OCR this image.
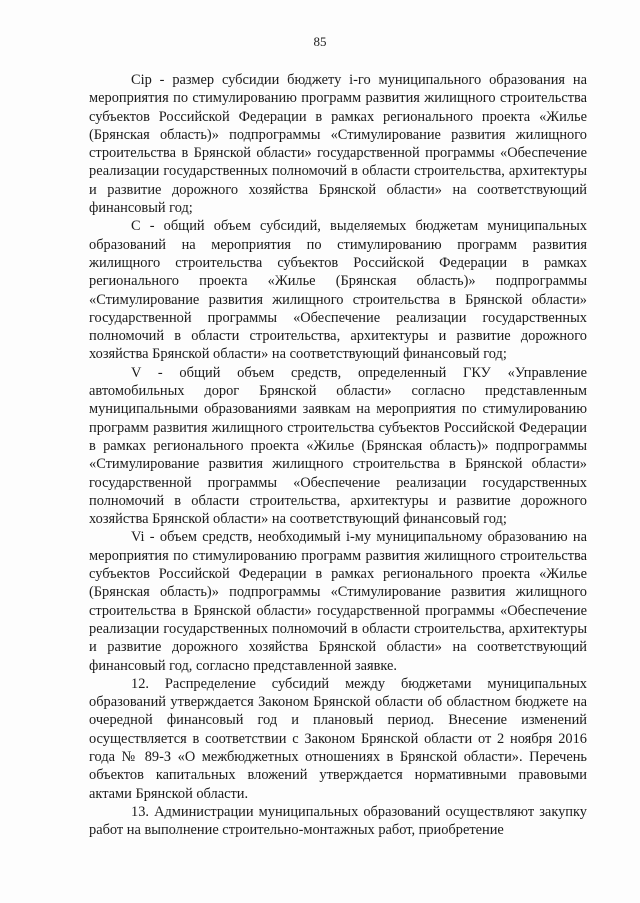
85

Ciр - размер субсидии бюджету i-го муниципального образования на мероприятия по стимулированию программ развития жилищного строительства субъектов Российской Федерации в рамках регионального проекта «Жилье (Брянская область)» подпрограммы «Стимулирование развития жилищного строительства в Брянской области» государственной программы «Обеспечение реализации государственных полномочий в области строительства, архитектуры и развитие дорожного хозяйства Брянской области» на соответствующий финансовый год;

С - общий объем субсидий, выделяемых бюджетам муниципальных образований на мероприятия по стимулированию программ развития жилищного строительства субъектов Российской Федерации в рамках регионального проекта «Жилье (Брянская область)» подпрограммы «Стимулирование развития жилищного строительства в Брянской области» государственной программы «Обеспечение реализации государственных полномочий в области строительства, архитектуры и развитие дорожного хозяйства Брянской области» на соответствующий финансовый год;

V - общий объем средств, определенный ГКУ «Управление автомобильных дорог Брянской области» согласно представленным муниципальными образованиями заявкам на мероприятия по стимулированию программ развития жилищного строительства субъектов Российской Федерации в рамках регионального проекта «Жилье (Брянская область)» подпрограммы «Стимулирование развития жилищного строительства в Брянской области» государственной программы «Обеспечение реализации государственных полномочий в области строительства, архитектуры и развитие дорожного хозяйства Брянской области» на соответствующий финансовый год;

Vi - объем средств, необходимый i-му муниципальному образованию на мероприятия по стимулированию программ развития жилищного строительства субъектов Российской Федерации в рамках регионального проекта «Жилье (Брянская область)» подпрограммы «Стимулирование развития жилищного строительства в Брянской области» государственной программы «Обеспечение реализации государственных полномочий в области строительства, архитектуры и развитие дорожного хозяйства Брянской области» на соответствующий финансовый год, согласно представленной заявке.

12. Распределение субсидий между бюджетами муниципальных образований утверждается Законом Брянской области об областном бюджете на очередной финансовый год и плановый период. Внесение изменений осуществляется в соответствии с Законом Брянской области от 2 ноября 2016 года № 89-З «О межбюджетных отношениях в Брянской области». Перечень объектов капитальных вложений утверждается нормативными правовыми актами Брянской области.

13. Администрации муниципальных образований осуществляют закупку работ на выполнение строительно-монтажных работ, приобретение
